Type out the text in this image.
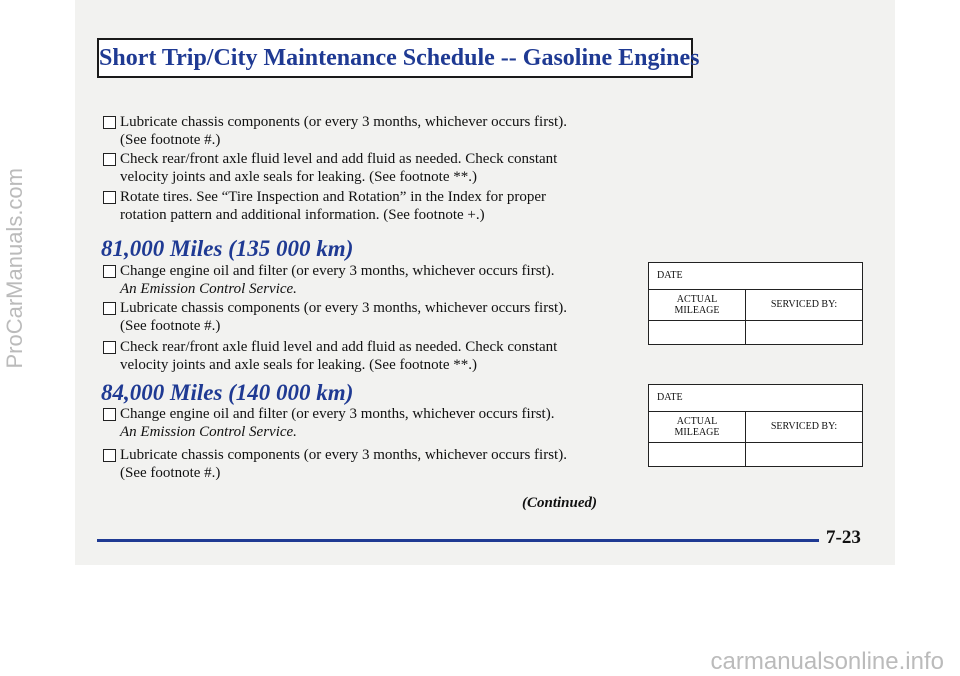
Short Trip/City Maintenance Schedule -- Gasoline Engines
Lubricate chassis components (or every 3 months, whichever occurs first).
(See footnote #.)
Check rear/front axle fluid level and add fluid as needed. Check constant
velocity joints and axle seals for leaking. (See footnote **.)
Rotate tires. See “Tire Inspection and Rotation” in the Index for proper
rotation pattern and additional information. (See footnote +.)
81,000 Miles (135 000 km)
Change engine oil and filter (or every 3 months, whichever occurs first).
An Emission Control Service.
Lubricate chassis components (or every 3 months, whichever occurs first).
(See footnote #.)
Check rear/front axle fluid level and add fluid as needed. Check constant
velocity joints and axle seals for leaking. (See footnote **.)
DATE
ACTUAL
MILEAGE
SERVICED BY:
84,000 Miles (140 000 km)
Change engine oil and filter (or every 3 months, whichever occurs first).
An Emission Control Service.
Lubricate chassis components (or every 3 months, whichever occurs first).
(See footnote #.)
DATE
ACTUAL
MILEAGE
SERVICED BY:
(Continued)
7-23
ProCarManuals.com
carmanualsonline.info
